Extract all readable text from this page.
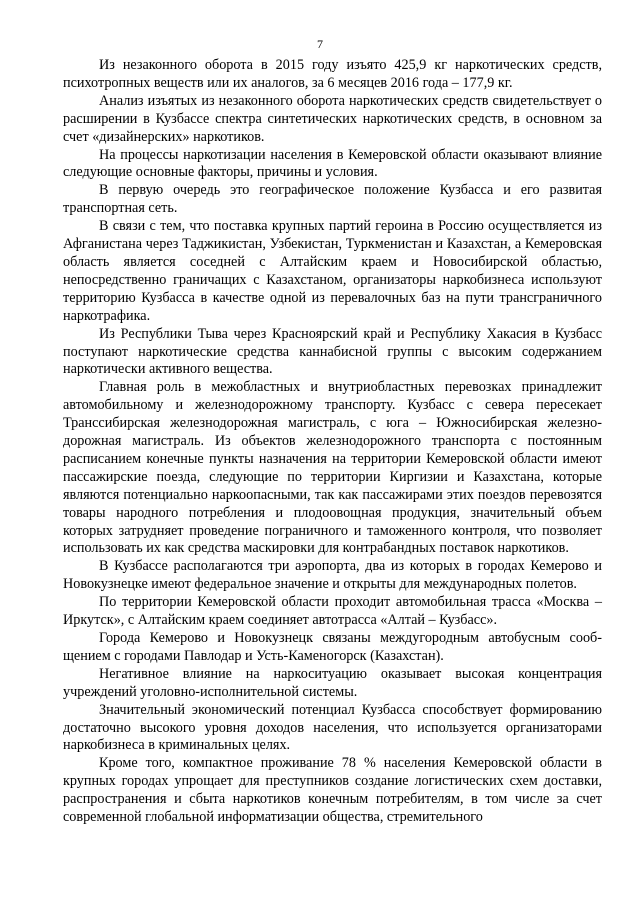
7

Из незаконного оборота в 2015 году изъято 425,9 кг наркотических средств, психотропных веществ или их аналогов, за 6 месяцев 2016 года – 177,9 кг.

Анализ изъятых из незаконного оборота наркотических средств свидетельствует о расширении в Кузбассе спектра синтетических наркотических средств, в основном за счет «дизайнерских» наркотиков.

На процессы наркотизации населения в Кемеровской области оказывают влияние следующие основные факторы, причины и условия.

В первую очередь это географическое положение Кузбасса и его развитая транспортная сеть.

В связи с тем, что поставка крупных партий героина в Россию осуществляется из Афганистана через Таджикистан, Узбекистан, Туркменистан и Казахстан, а Кемеровская область является соседней с Алтайским краем и Новосибирской областью, непосредственно граничащих с Казахстаном, организаторы наркобизнеса используют территорию Кузбасса в качестве одной из перевалочных баз на пути трансграничного наркотрафика.

Из Республики Тыва через Красноярский край и Республику Хакасия в Кузбасс поступают наркотические средства каннабисной группы с высоким содержанием наркотически активного вещества.

Главная роль в межобластных и внутриобластных перевозках принадлежит автомобильному и железнодорожному транспорту. Кузбасс с севера пересекает Транссибирская железнодорожная магистраль, с юга – Южносибирская железнодорожная магистраль. Из объектов железнодорожного транспорта с постоянным расписанием конечные пункты назначения на территории Кемеровской области имеют пассажирские поезда, следующие по территории Киргизии и Казахстана, которые являются потенциально наркоопасными, так как пассажирами этих поездов перевозятся товары народного потребления и плодоовощная продукция, значительный объем которых затрудняет проведение пограничного и таможенного контроля, что позволяет использовать их как средства маскировки для контрабандных поставок наркотиков.

В Кузбассе располагаются три аэропорта, два из которых в городах Кемерово и Новокузнецке имеют федеральное значение и открыты для международных полетов.

По территории Кемеровской области проходит автомобильная трасса «Москва – Иркутск», с Алтайским краем соединяет автотрасса «Алтай – Кузбасс».

Города Кемерово и Новокузнецк связаны междугородным автобусным сообщением с городами Павлодар и Усть-Каменогорск (Казахстан).

Негативное влияние на наркоситуацию оказывает высокая концентрация учреждений уголовно-исполнительной системы.

Значительный экономический потенциал Кузбасса способствует формированию достаточно высокого уровня доходов населения, что используется организаторами наркобизнеса в криминальных целях.

Кроме того, компактное проживание 78 % населения Кемеровской области в крупных городах упрощает для преступников создание логистических схем доставки, распространения и сбыта наркотиков конечным потребителям, в том числе за счет современной глобальной информатизации общества, стремительного
